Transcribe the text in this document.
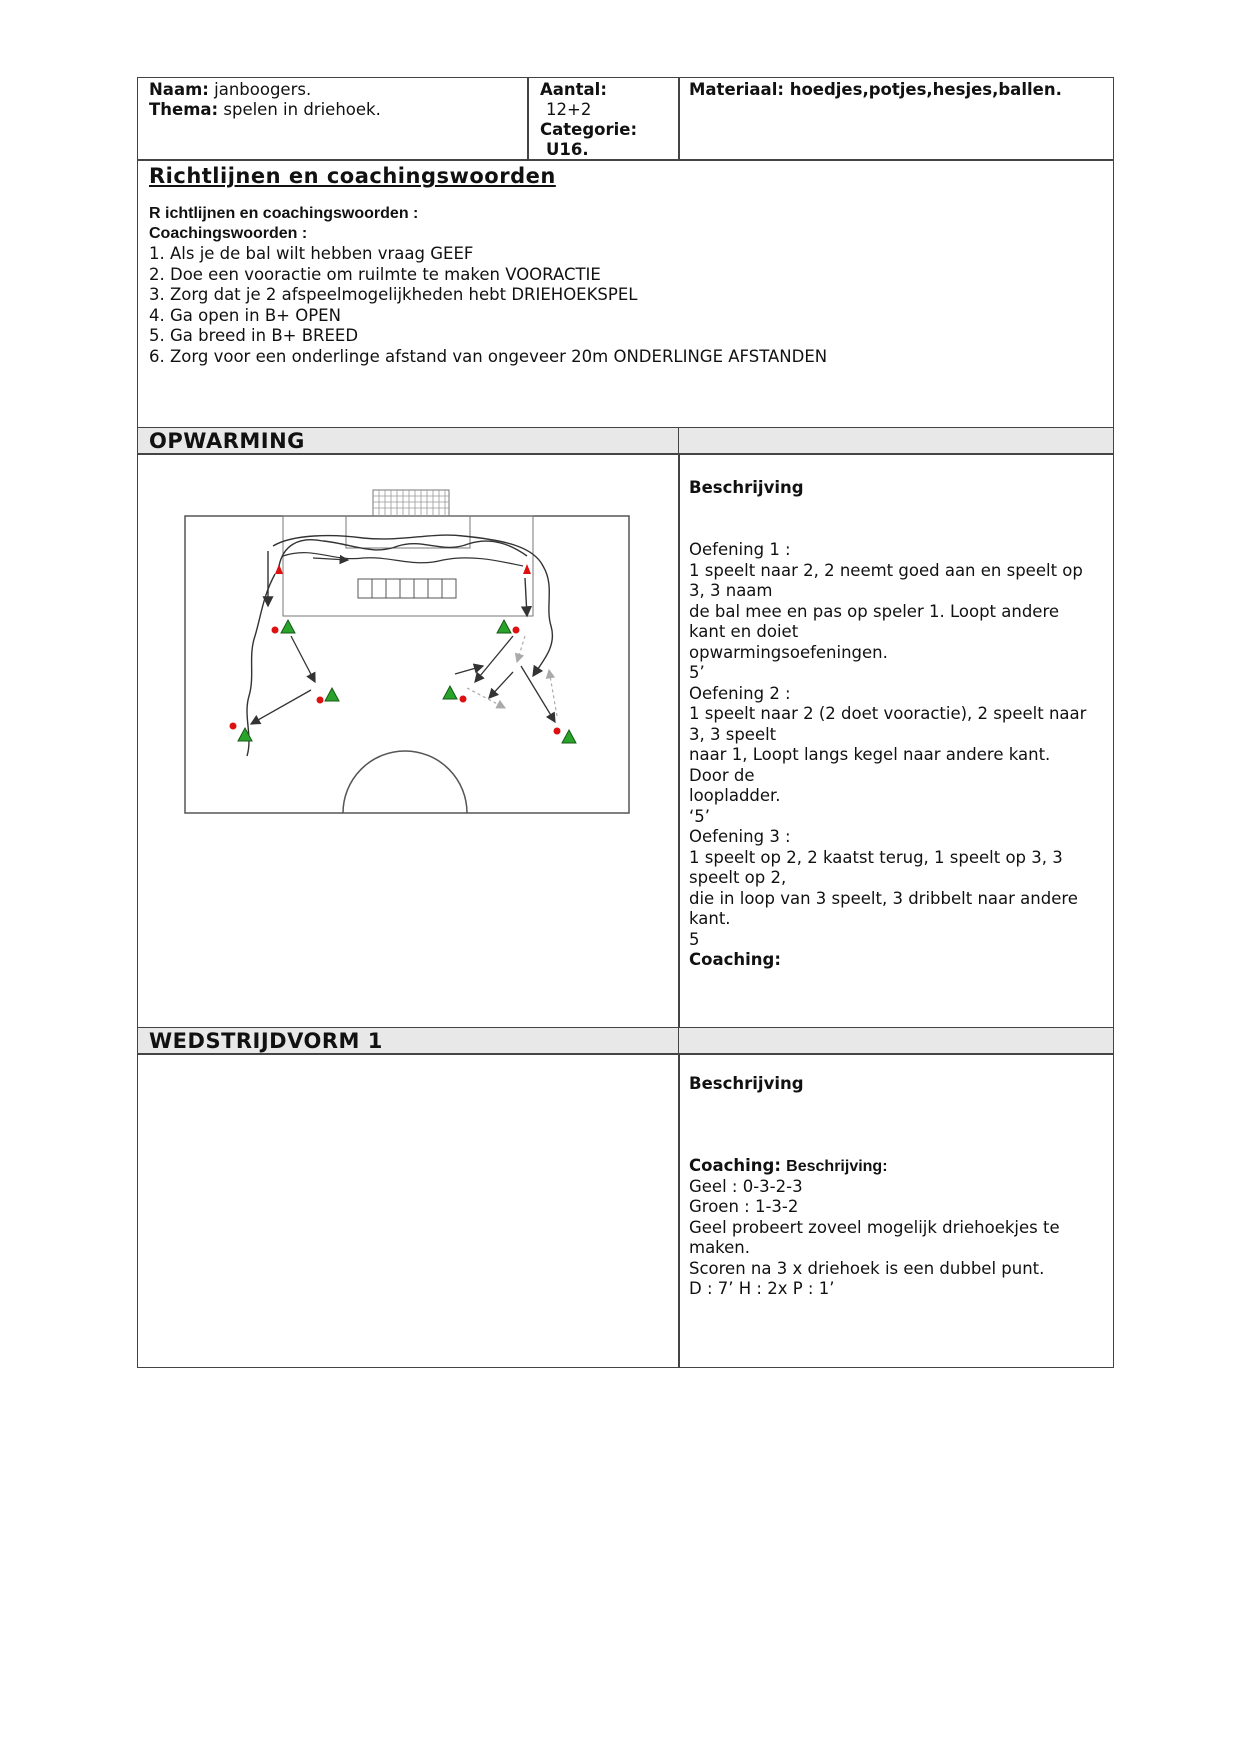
Naam: janboogers.
Thema: spelen in driehoek.
Aantal:
12+2
Categorie:
U16.
Materiaal: hoedjes,potjes,hesjes,ballen.
Richtlijnen en coachingswoorden
R ichtlijnen en coachingswoorden :
Coachingswoorden :
1. Als je de bal wilt hebben vraag GEEF
2. Doe een vooractie om ruilmte te maken VOORACTIE
3. Zorg dat je 2 afspeelmogelijkheden hebt DRIEHOEKSPEL
4. Ga open in B+ OPEN
5. Ga breed in B+ BREED
6. Zorg voor een onderlinge afstand van ongeveer 20m ONDERLINGE AFSTANDEN
OPWARMING
Beschrijving
Oefening 1 :
1 speelt naar 2, 2 neemt goed aan en speelt op
3, 3 naam
de bal mee en pas op speler 1. Loopt andere
kant en doiet
opwarmingsoefeningen.
5’
Oefening 2 :
1 speelt naar 2 (2 doet vooractie), 2 speelt naar
3, 3 speelt
naar 1, Loopt langs kegel naar andere kant.
Door de
loopladder.
‘5’
Oefening 3 :
1 speelt op 2, 2 kaatst terug, 1 speelt op 3, 3
speelt op 2,
die in loop van 3 speelt, 3 dribbelt naar andere
kant.
5
Coaching:
WEDSTRIJDVORM 1
Beschrijving
Coaching: Beschrijving:
Geel : 0-3-2-3
Groen : 1-3-2
Geel probeert zoveel mogelijk driehoekjes te
maken.
Scoren na 3 x driehoek is een dubbel punt.
D : 7’ H : 2x P : 1’
